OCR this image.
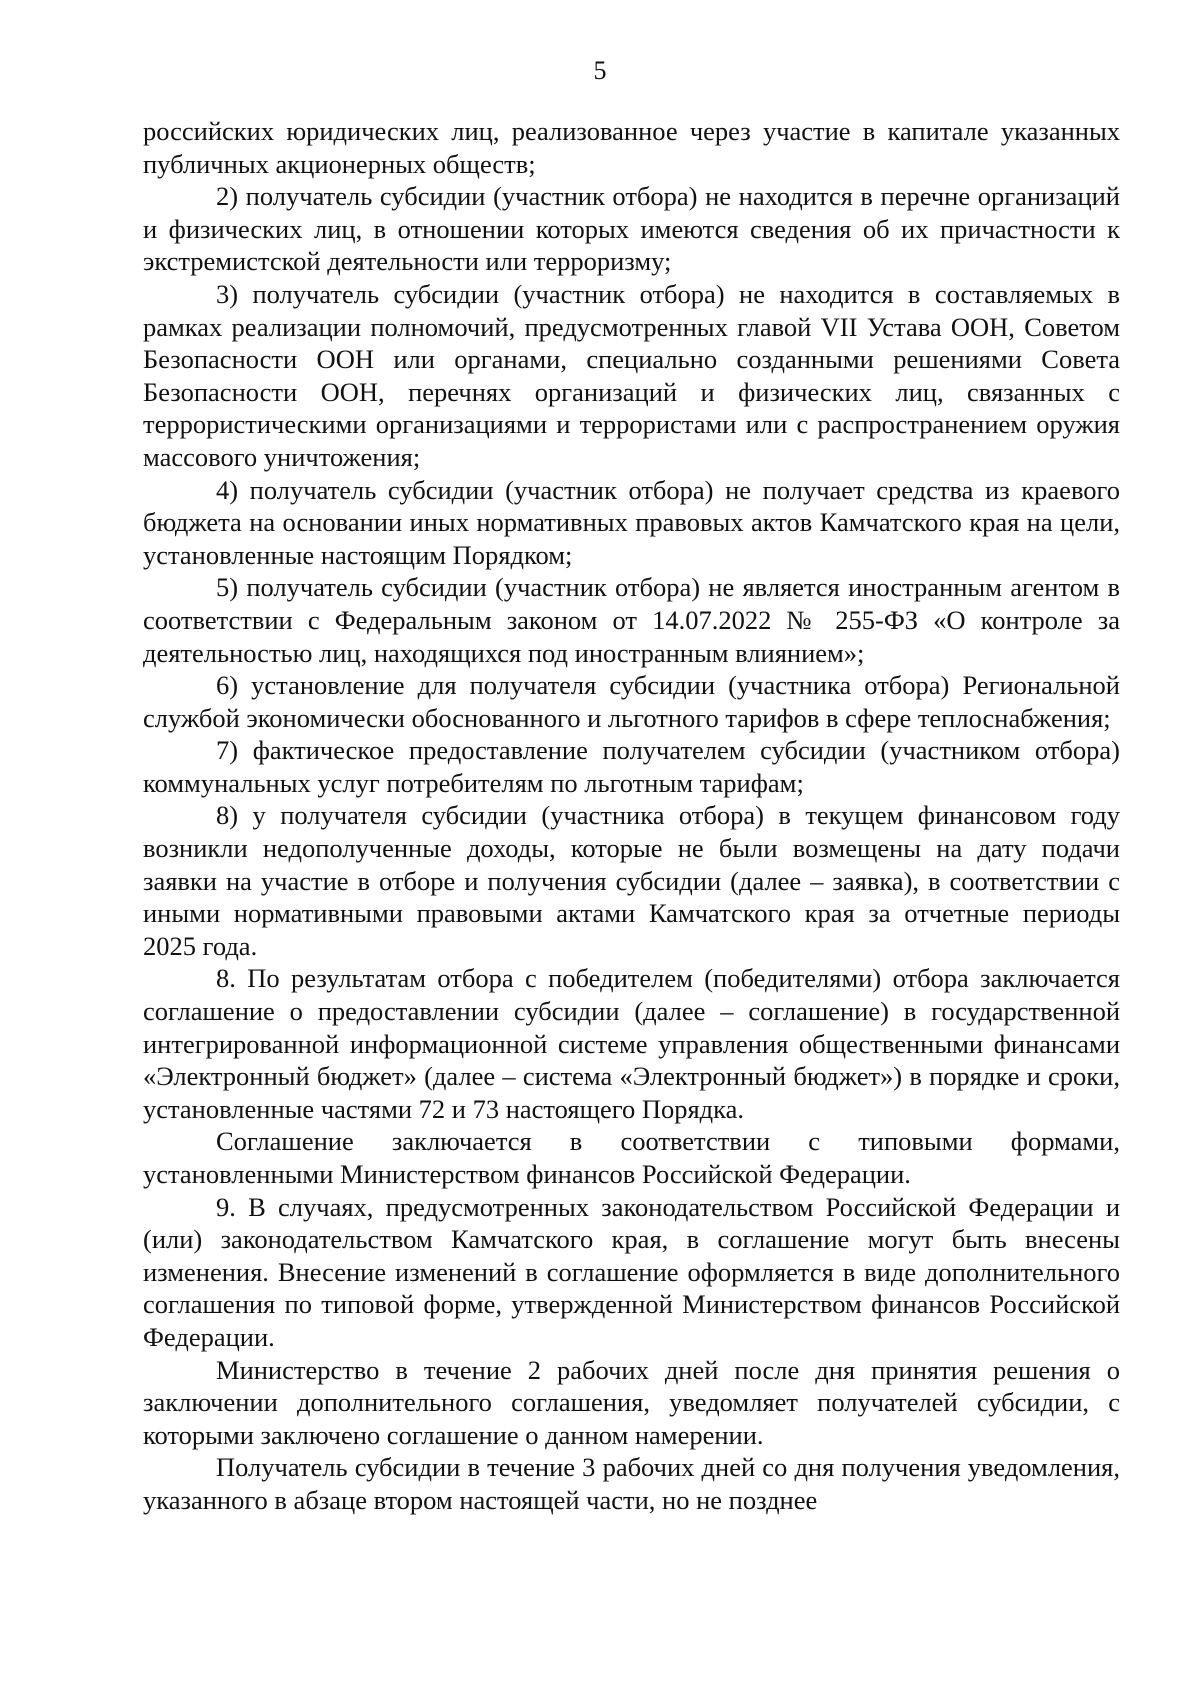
5

российских юридических лиц, реализованное через участие в капитале указанных публичных акционерных обществ;

2) получатель субсидии (участник отбора) не находится в перечне организаций и физических лиц, в отношении которых имеются сведения об их причастности к экстремистской деятельности или терроризму;

3) получатель субсидии (участник отбора) не находится в составляемых в рамках реализации полномочий, предусмотренных главой VII Устава ООН, Советом Безопасности ООН или органами, специально созданными решениями Совета Безопасности ООН, перечнях организаций и физических лиц, связанных с террористическими организациями и террористами или с распространением оружия массового уничтожения;

4) получатель субсидии (участник отбора) не получает средства из краевого бюджета на основании иных нормативных правовых актов Камчатского края на цели, установленные настоящим Порядком;

5) получатель субсидии (участник отбора) не является иностранным агентом в соответствии с Федеральным законом от 14.07.2022 № 255-ФЗ «О контроле за деятельностью лиц, находящихся под иностранным влиянием»;

6) установление для получателя субсидии (участника отбора) Региональной службой экономически обоснованного и льготного тарифов в сфере теплоснабжения;

7) фактическое предоставление получателем субсидии (участником отбора) коммунальных услуг потребителям по льготным тарифам;

8) у получателя субсидии (участника отбора) в текущем финансовом году возникли недополученные доходы, которые не были возмещены на дату подачи заявки на участие в отборе и получения субсидии (далее – заявка), в соответствии с иными нормативными правовыми актами Камчатского края за отчетные периоды 2025 года.

8. По результатам отбора с победителем (победителями) отбора заключается соглашение о предоставлении субсидии (далее – соглашение) в государственной интегрированной информационной системе управления общественными финансами «Электронный бюджет» (далее – система «Электронный бюджет») в порядке и сроки, установленные частями 72 и 73 настоящего Порядка.

Соглашение заключается в соответствии с типовыми формами, установленными Министерством финансов Российской Федерации.

9. В случаях, предусмотренных законодательством Российской Федерации и (или) законодательством Камчатского края, в соглашение могут быть внесены изменения. Внесение изменений в соглашение оформляется в виде дополнительного соглашения по типовой форме, утвержденной Министерством финансов Российской Федерации.

Министерство в течение 2 рабочих дней после дня принятия решения о заключении дополнительного соглашения, уведомляет получателей субсидии, с которыми заключено соглашение о данном намерении.

Получатель субсидии в течение 3 рабочих дней со дня получения уведомления, указанного в абзаце втором настоящей части, но не позднее
